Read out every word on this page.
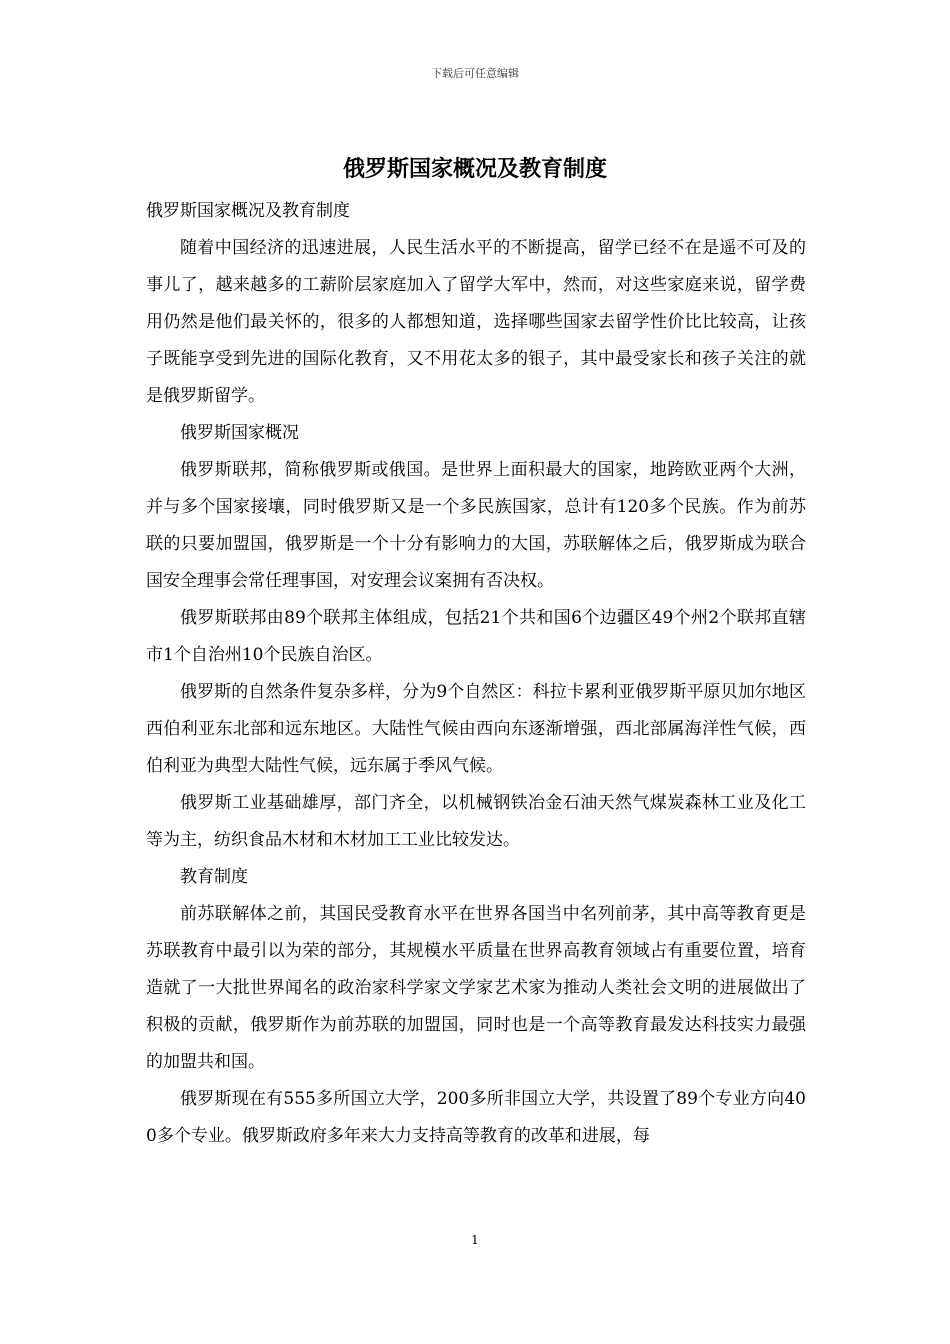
下载后可任意编辑
俄罗斯国家概况及教育制度

俄罗斯国家概况及教育制度

随着中国经济的迅速进展，人民生活水平的不断提高，留学已经不在是遥不可及的事儿了，越来越多的工薪阶层家庭加入了留学大军中，然而，对这些家庭来说，留学费用仍然是他们最关怀的，很多的人都想知道，选择哪些国家去留学性价比比较高，让孩子既能享受到先进的国际化教育，又不用花太多的银子，其中最受家长和孩子关注的就是俄罗斯留学。

俄罗斯国家概况

俄罗斯联邦，简称俄罗斯或俄国。是世界上面积最大的国家，地跨欧亚两个大洲，并与多个国家接壤，同时俄罗斯又是一个多民族国家，总计有120多个民族。作为前苏联的只要加盟国，俄罗斯是一个十分有影响力的大国，苏联解体之后，俄罗斯成为联合国安全理事会常任理事国，对安理会议案拥有否决权。

俄罗斯联邦由89个联邦主体组成，包括21个共和国6个边疆区49个州2个联邦直辖市1个自治州10个民族自治区。

俄罗斯的自然条件复杂多样，分为9个自然区：科拉卡累利亚俄罗斯平原贝加尔地区西伯利亚东北部和远东地区。大陆性气候由西向东逐渐增强，西北部属海洋性气候，西伯利亚为典型大陆性气候，远东属于季风气候。

俄罗斯工业基础雄厚，部门齐全，以机械钢铁冶金石油天然气煤炭森林工业及化工等为主，纺织食品木材和木材加工工业比较发达。

教育制度

前苏联解体之前，其国民受教育水平在世界各国当中名列前茅，其中高等教育更是苏联教育中最引以为荣的部分，其规模水平质量在世界高教育领域占有重要位置，培育造就了一大批世界闻名的政治家科学家文学家艺术家为推动人类社会文明的进展做出了积极的贡献，俄罗斯作为前苏联的加盟国，同时也是一个高等教育最发达科技实力最强的加盟共和国。

俄罗斯现在有555多所国立大学，200多所非国立大学，共设置了89个专业方向400多个专业。俄罗斯政府多年来大力支持高等教育的改革和进展，每

1
